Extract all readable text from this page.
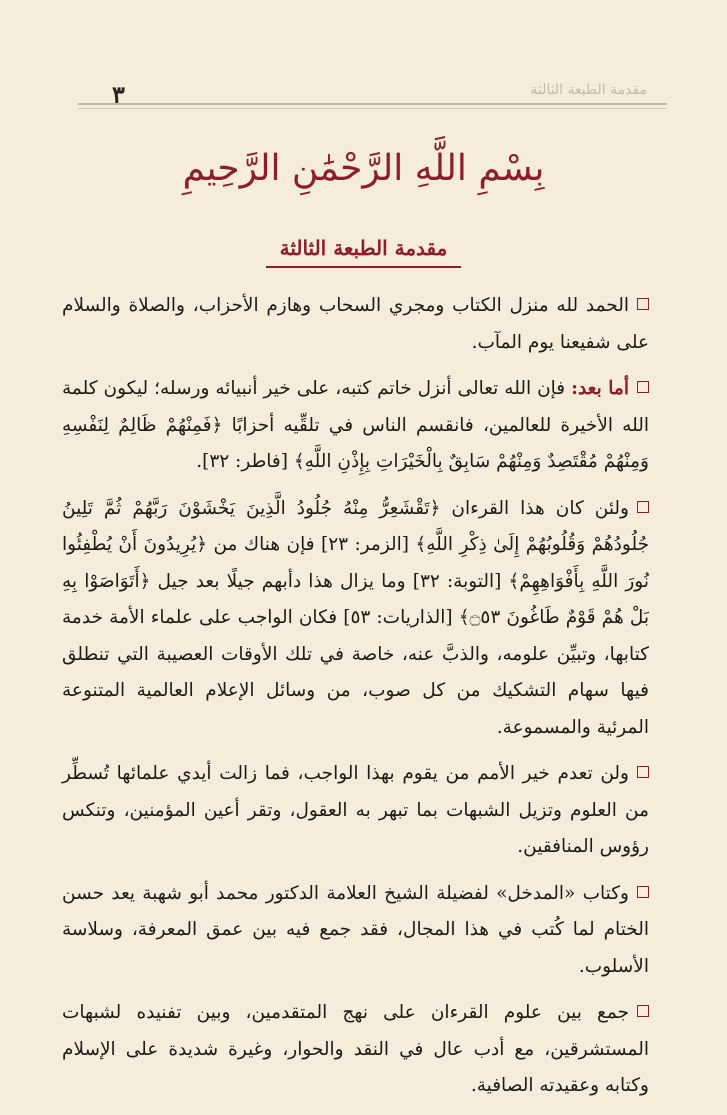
مقدمة الطبعة الثالثة
٣
بِسْمِ اللَّهِ الرَّحْمَٰنِ الرَّحِيمِ
مقدمة الطبعة الثالثة

الحمد لله منزل الكتاب ومجري السحاب وهازم الأحزاب، والصلاة والسلام على شفيعنا يوم المآب.

أما بعد: فإن الله تعالى أنزل خاتم كتبه، على خير أنبيائه ورسله؛ ليكون كلمة الله الأخيرة للعالمين، فانقسم الناس في تلقِّيه أحزابًا ﴿فَمِنْهُمْ ظَالِمٌ لِنَفْسِهِ وَمِنْهُمْ مُقْتَصِدٌ وَمِنْهُمْ سَابِقٌ بِالْخَيْرَاتِ بِإِذْنِ اللَّهِ﴾ [فاطر: ٣٢].

ولئن كان هذا القرءان ﴿تَقْشَعِرُّ مِنْهُ جُلُودُ الَّذِينَ يَخْشَوْنَ رَبَّهُمْ ثُمَّ تَلِينُ جُلُودُهُمْ وَقُلُوبُهُمْ إِلَىٰ ذِكْرِ اللَّهِ﴾ [الزمر: ٢٣] فإن هناك من ﴿يُرِيدُونَ أَنْ يُطْفِئُوا نُورَ اللَّهِ بِأَفْوَاهِهِمْ﴾ [التوبة: ٣٢] وما يزال هذا دأبهم جيلًا بعد جيل ﴿أَتَوَاصَوْا بِهِ بَلْ هُمْ قَوْمٌ طَاغُونَ ۝٥٣﴾ [الذاريات: ٥٣] فكان الواجب على علماء الأمة خدمة كتابها، وتبيِّن علومه، والذبَّ عنه، خاصة في تلك الأوقات العصيبة التي تنطلق فيها سهام التشكيك من كل صوب، من وسائل الإعلام العالمية المتنوعة المرئية والمسموعة.

ولن تعدم خير الأمم من يقوم بهذا الواجب، فما زالت أيدي علمائها تُسطِّر من العلوم وتزيل الشبهات بما تبهر به العقول، وتقر أعين المؤمنين، وتنكس رؤوس المنافقين.

وكتاب «المدخل» لفضيلة الشيخ العلامة الدكتور محمد أبو شهبة يعد حسن الختام لما كُتب في هذا المجال، فقد جمع فيه بين عمق المعرفة، وسلاسة الأسلوب.

جمع بين علوم القرءان على نهج المتقدمين، وبين تفنيده لشبهات المستشرقين، مع أدب عال في النقد والحوار، وغيرة شديدة على الإسلام وكتابه وعقيدته الصافية.
